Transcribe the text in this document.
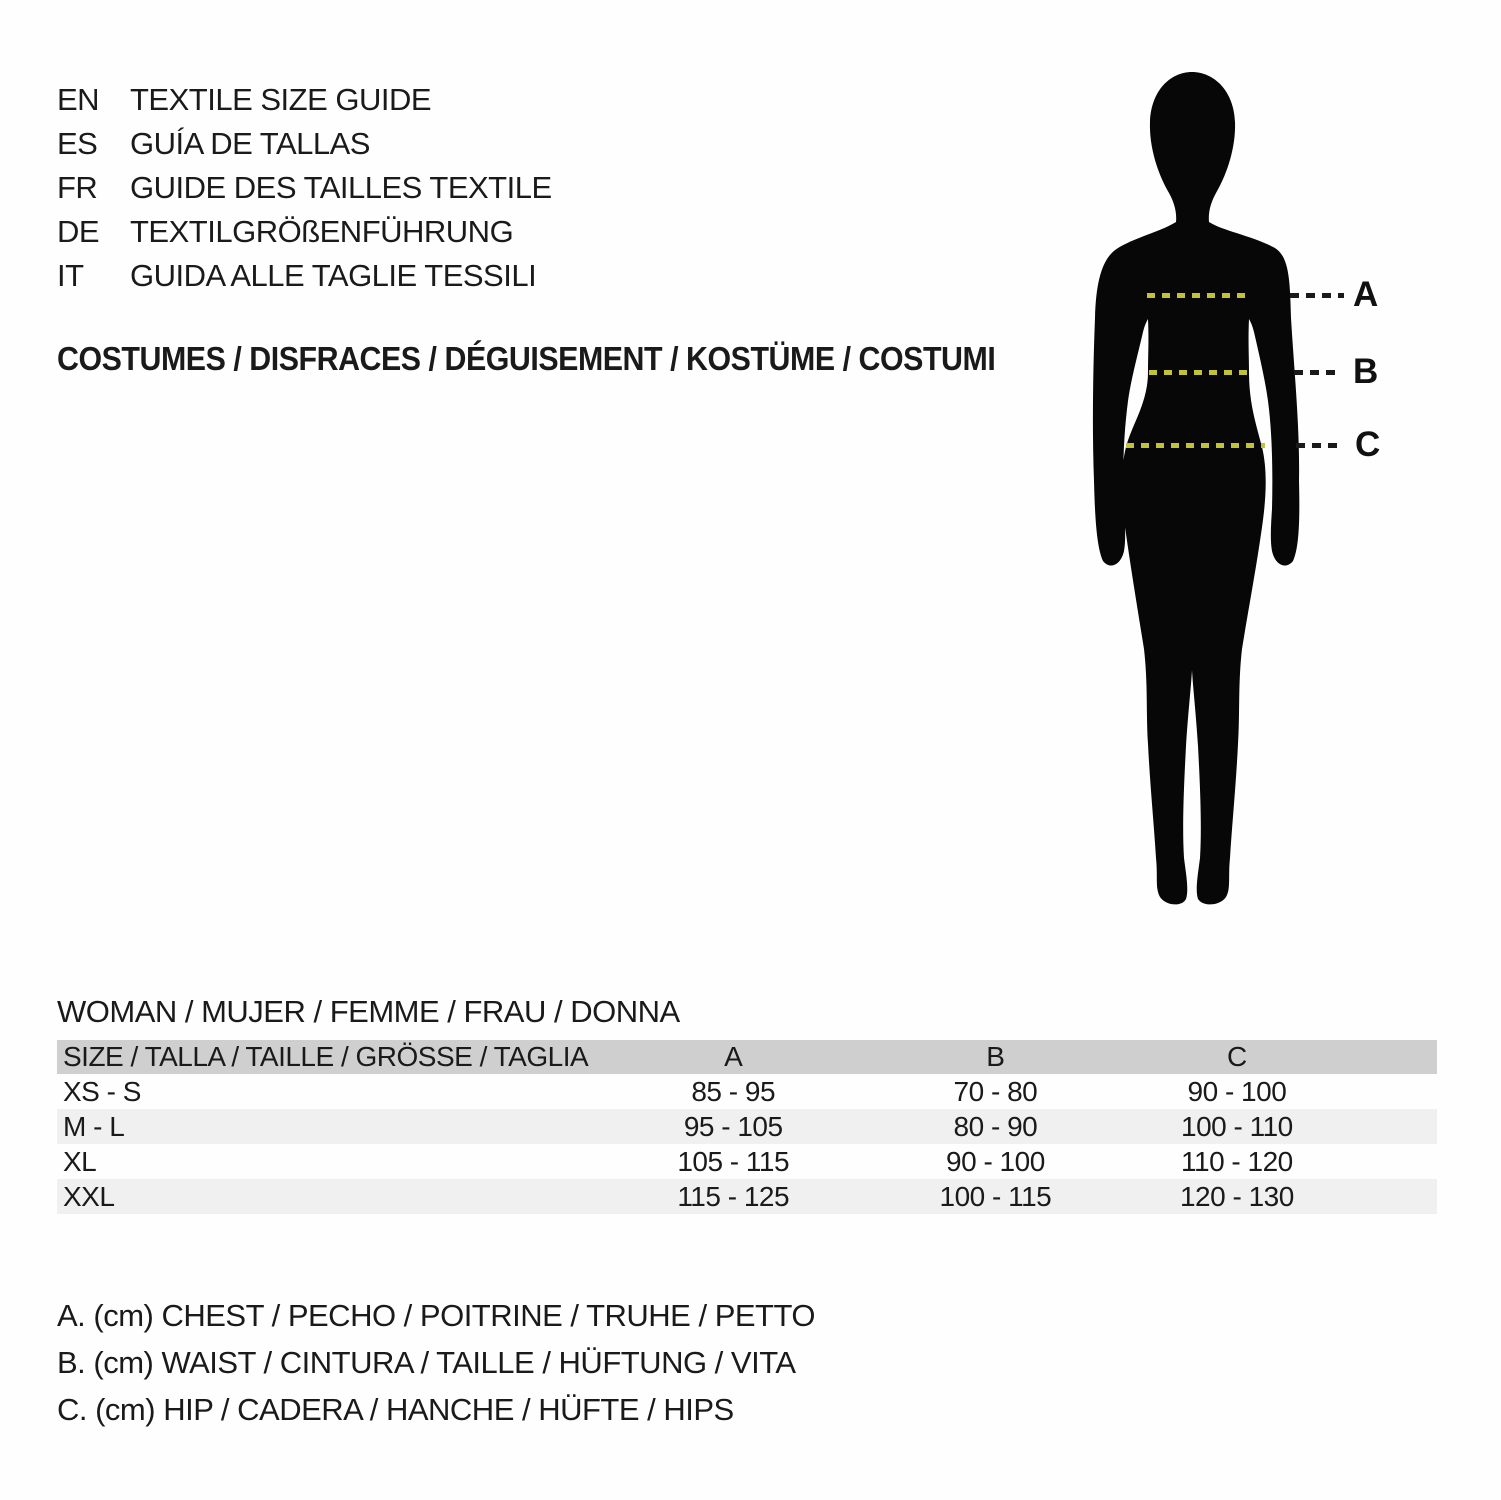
EN TEXTILE SIZE GUIDE
ES	GUÍA DE TALLAS
FR	GUIDE DES TAILLES TEXTILE
DE TEXTILGRÖßENFÜHRUNG
IT	GUIDA ALLE TAGLIE TESSILI
COSTUMES / DISFRACES / DÉGUISEMENT / KOSTÜME / COSTUMI
A
B
C
WOMAN / MUJER / FEMME / FRAU / DONNA
SIZE / TALLA / TAILLE / GRÖSSE / TAGLIA	A	B	C	
XS - S	85 - 95	70 - 80	90 - 100	
M - L	95 - 105	80 - 90	100 - 110	
XL	105 - 115	90 - 100	110 - 120	
XXL	115 - 125	100 - 115	120 - 130	
A. (cm) CHEST / PECHO / POITRINE / TRUHE / PETTO
B. (cm) WAIST / CINTURA / TAILLE / HÜFTUNG / VITA
C. (cm) HIP / CADERA / HANCHE / HÜFTE / HIPS
